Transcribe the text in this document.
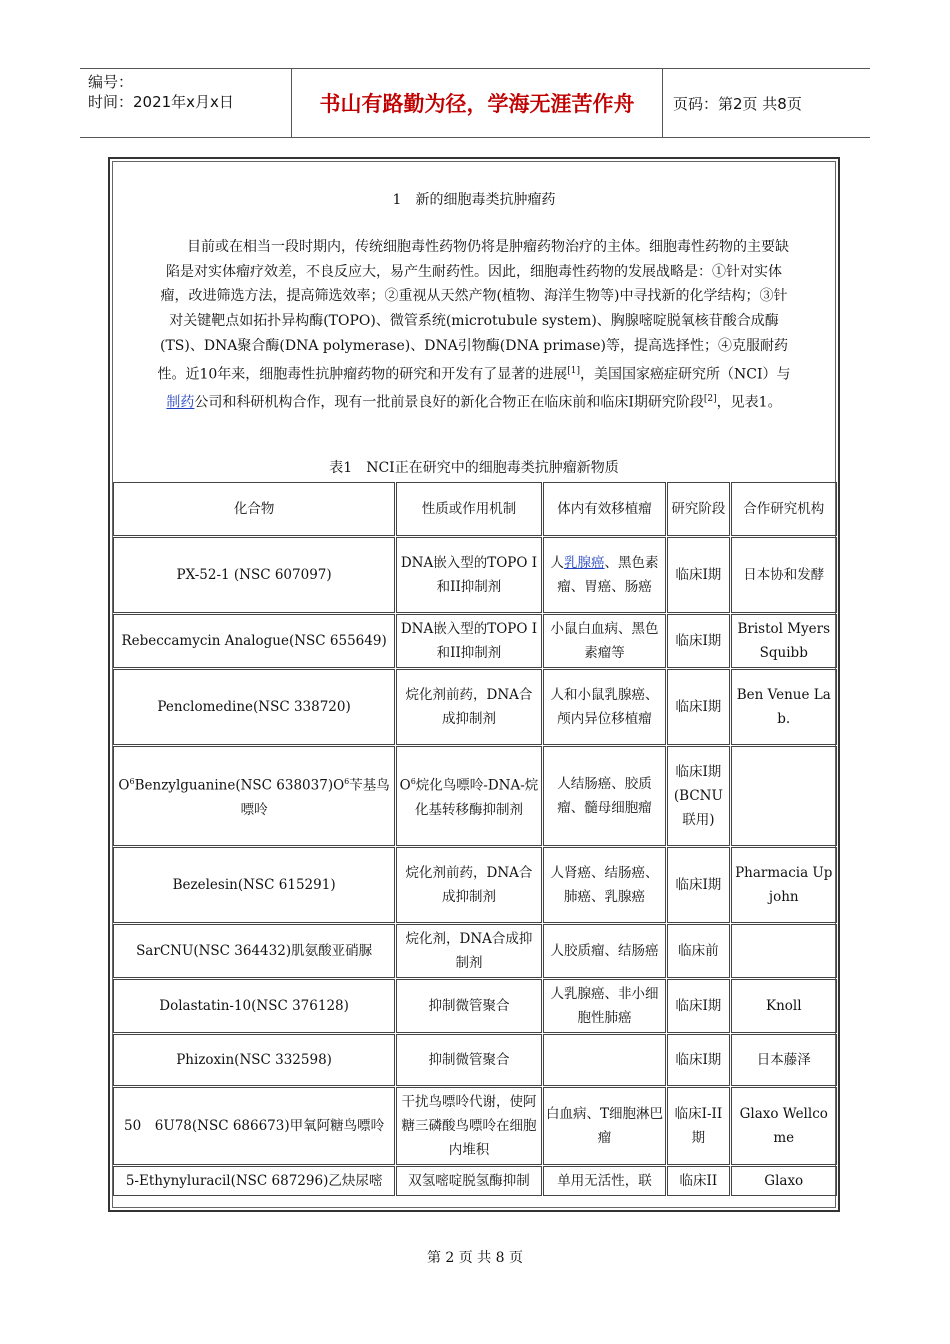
编号：
时间：2021年x月x日	书山有路勤为径，学海无涯苦作舟	页码：第2页 共8页
1　新的细胞毒类抗肿瘤药
目前或在相当一段时期内，传统细胞毒性药物仍将是肿瘤药物治疗的主体。细胞毒性药物的主要缺陷是对实体瘤疗效差，不良反应大，易产生耐药性。因此，细胞毒性药物的发展战略是：①针对实体瘤，改进筛选方法，提高筛选效率；②重视从天然产物(植物、海洋生物等)中寻找新的化学结构；③针对关键靶点如拓扑异构酶(TOPO)、微管系统(microtubule system)、胸腺嘧啶脱氧核苷酸合成酶(TS)、DNA聚合酶(DNA polymerase)、DNA引物酶(DNA primase)等，提高选择性；④克服耐药性。近10年来，细胞毒性抗肿瘤药物的研究和开发有了显著的进展[1]，美国国家癌症研究所（NCI）与制药公司和科研机构合作，现有一批前景良好的新化合物正在临床前和临床Ⅰ期研究阶段[2]，见表1。
表1　NCI正在研究中的细胞毒类抗肿瘤新物质
化合物	性质或作用机制	体内有效移植瘤	研究阶段	合作研究机构
PX-52-1 (NSC 607097)	DNA嵌入型的TOPO I和II抑制剂	人乳腺癌、黑色素瘤、胃癌、肠癌	临床I期	日本协和发酵
Rebeccamycin Analogue(NSC 655649)	DNA嵌入型的TOPO I和II抑制剂	小鼠白血病、黑色素瘤等	临床I期	Bristol Myers Squibb
Penclomedine(NSC 338720)	烷化剂前药，DNA合成抑制剂	人和小鼠乳腺癌、颅内异位移植瘤	临床I期	Ben Venue Lab.
$O^6Benzylguanine(NSC$ $638037)O^6$苄基鸟嘌呤	$O^6$烷化鸟嘌呤-DNA-烷化基转移酶抑制剂	人结肠癌、胶质瘤、髓母细胞瘤	临床I期(BCNU联用)	
Bezelesin(NSC 615291)	烷化剂前药，DNA合成抑制剂	人肾癌、结肠癌、肺癌、乳腺癌	临床I期	Pharmacia Upjohn
SarCNU(NSC 364432)肌氨酸亚硝脲	烷化剂，DNA合成抑制剂	人胶质瘤、结肠癌	临床前	
Dolastatin-10(NSC 376128)	抑制微管聚合	人乳腺癌、非小细胞性肺癌	临床I期	Knoll
Phizoxin(NSC 332598)	抑制微管聚合		临床I期	日本藤泽
50　6U78(NSC 686673)甲氧阿糖鸟嘌呤	干扰鸟嘌呤代谢，使阿糖三磷酸鸟嘌呤在细胞内堆积	白血病、T细胞淋巴瘤	临床I-II期	Glaxo Wellcome
5-Ethynyluracil(NSC 687296)乙炔尿嘧	双氢嘧啶脱氢酶抑制	单用无活性，联	临床II	Glaxo
第 2 页 共 8 页
